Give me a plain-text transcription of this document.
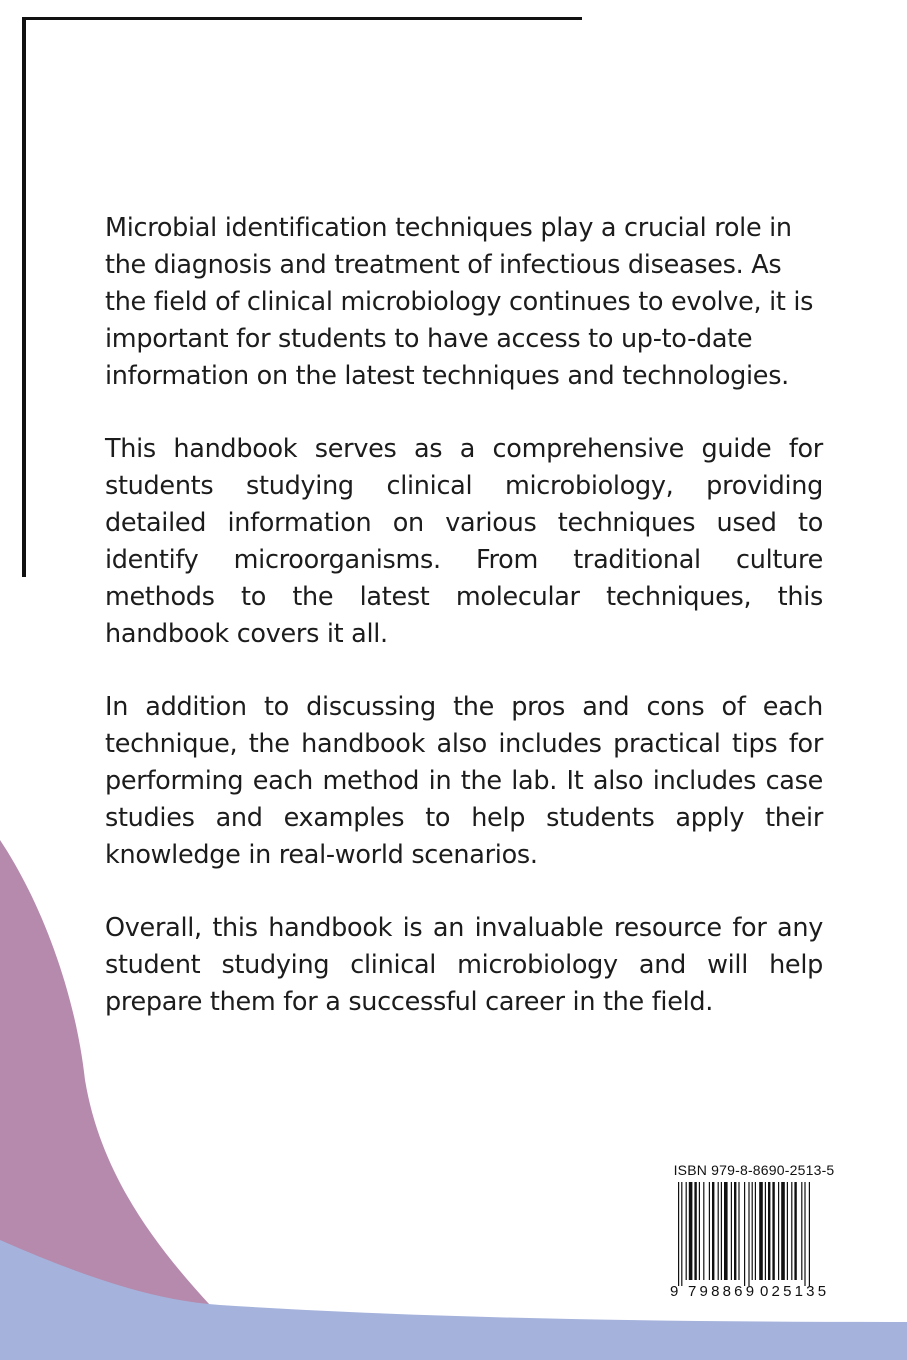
Microbial identification techniques play a crucial role in the diagnosis and treatment of infectious diseases. As the field of clinical microbiology continues to evolve, it is important for students to have access to up-to-date information on the latest techniques and technologies.

This handbook serves as a comprehensive guide for students studying clinical microbiology, providing detailed information on various techniques used to identify microorganisms. From traditional culture methods to the latest molecular techniques, this handbook covers it all.

In addition to discussing the pros and cons of each technique, the handbook also includes practical tips for performing each method in the lab. It also includes case studies and examples to help students apply their knowledge in real-world scenarios.

Overall, this handbook is an invaluable resource for any student studying clinical microbiology and will help prepare them for a successful career in the field.

ISBN 979-8-8690-2513-5
9 798869 025135
